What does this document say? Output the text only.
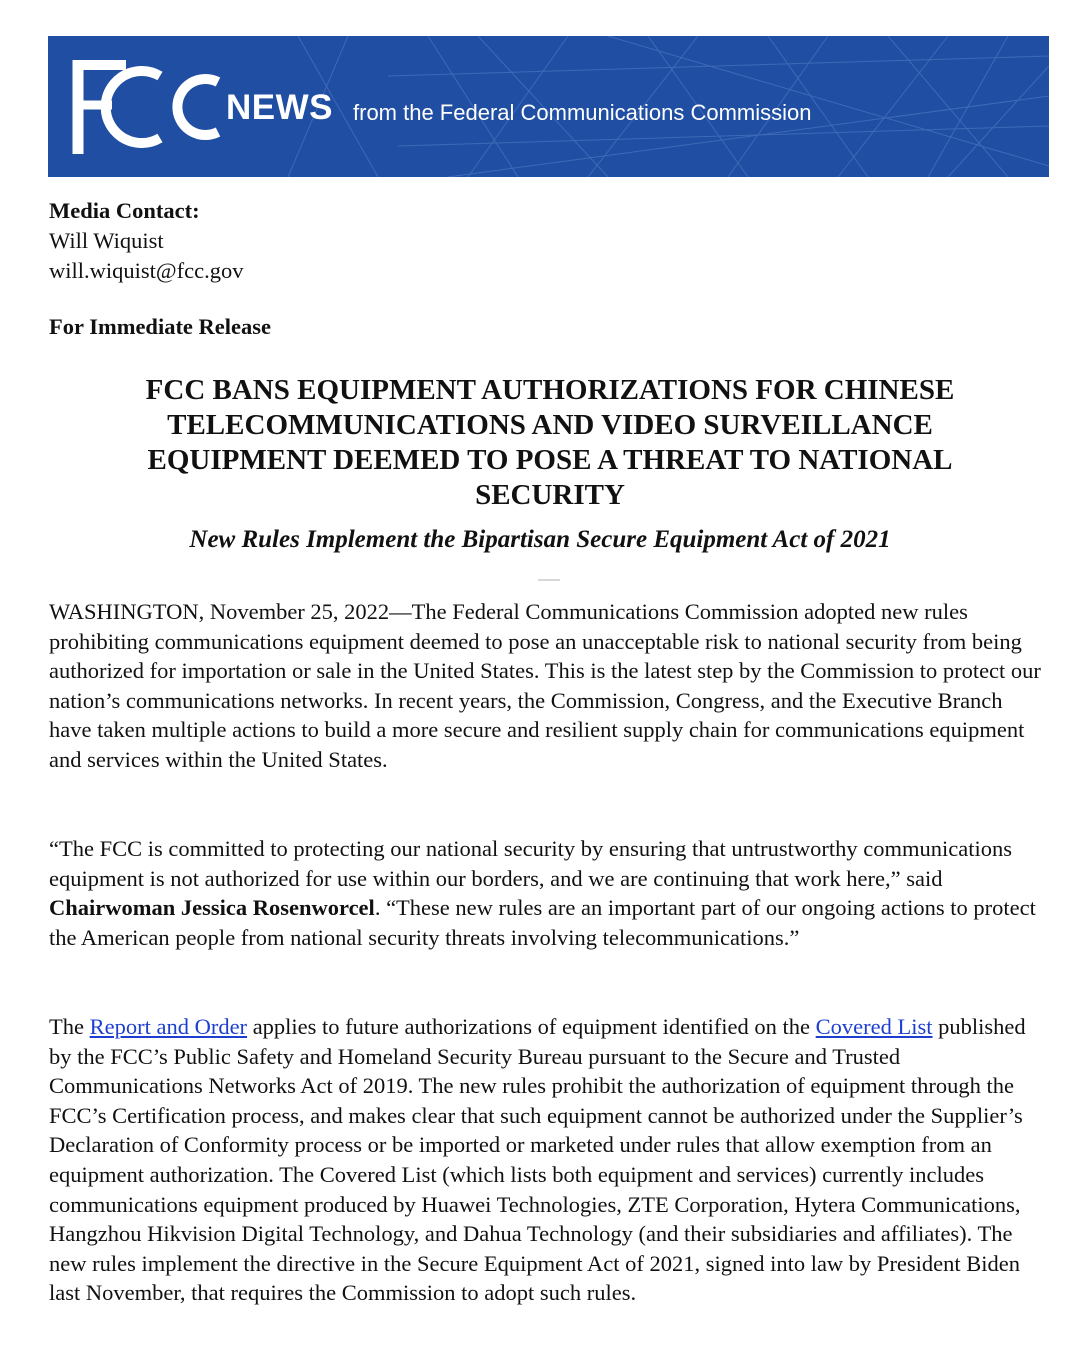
NEWS from the Federal Communications Commission
Media Contact:
Will Wiquist
will.wiquist@fcc.gov
For Immediate Release
FCC BANS EQUIPMENT AUTHORIZATIONS FOR CHINESE TELECOMMUNICATIONS AND VIDEO SURVEILLANCE EQUIPMENT DEEMED TO POSE A THREAT TO NATIONAL SECURITY
New Rules Implement the Bipartisan Secure Equipment Act of 2021

WASHINGTON, November 25, 2022—The Federal Communications Commission adopted new rules prohibiting communications equipment deemed to pose an unacceptable risk to national security from being authorized for importation or sale in the United States. This is the latest step by the Commission to protect our nation’s communications networks. In recent years, the Commission, Congress, and the Executive Branch have taken multiple actions to build a more secure and resilient supply chain for communications equipment and services within the United States.

“The FCC is committed to protecting our national security by ensuring that untrustworthy communications equipment is not authorized for use within our borders, and we are continuing that work here,” said Chairwoman Jessica Rosenworcel. “These new rules are an important part of our ongoing actions to protect the American people from national security threats involving telecommunications.”

The Report and Order applies to future authorizations of equipment identified on the Covered List published by the FCC’s Public Safety and Homeland Security Bureau pursuant to the Secure and Trusted Communications Networks Act of 2019. The new rules prohibit the authorization of equipment through the FCC’s Certification process, and makes clear that such equipment cannot be authorized under the Supplier’s Declaration of Conformity process or be imported or marketed under rules that allow exemption from an equipment authorization. The Covered List (which lists both equipment and services) currently includes communications equipment produced by Huawei Technologies, ZTE Corporation, Hytera Communications, Hangzhou Hikvision Digital Technology, and Dahua Technology (and their subsidiaries and affiliates). The new rules implement the directive in the Secure Equipment Act of 2021, signed into law by President Biden last November, that requires the Commission to adopt such rules.
